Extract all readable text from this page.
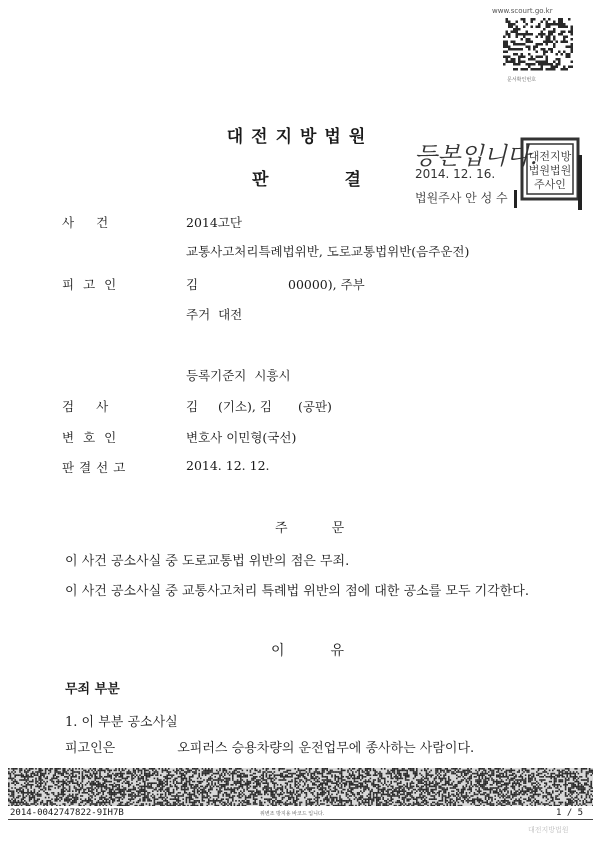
www.scourt.go.kr
문서확인번호
대전지방법원
판	결
등본입니다.
2014. 12. 16.
법원주사 안 성 수
대전지방
법원법원
주사인
사건	2014고단
교통사고처리특례법위반, 도로교통법위반(음주운전)
피고인	김	00000), 주부
주거  대전
등록기준지  시흥시
검사	김 (기소), 김 (공판)
변호인	변호사 이민형(국선)
판결선고	2014. 12. 12.
주	문
이 사건 공소사실 중 도로교통법 위반의 점은 무죄.
이 사건 공소사실 중 교통사고처리 특례법 위반의 점에 대한 공소를 모두 기각한다.
이	유
무죄 부분
1. 이 부분 공소사실
피고인은	오피러스 승용차량의 운전업무에 종사하는 사람이다.
2014-0042747822-9IH7B	위변조 방지용 바코드 입니다.	1 / 5
대전지방법원
